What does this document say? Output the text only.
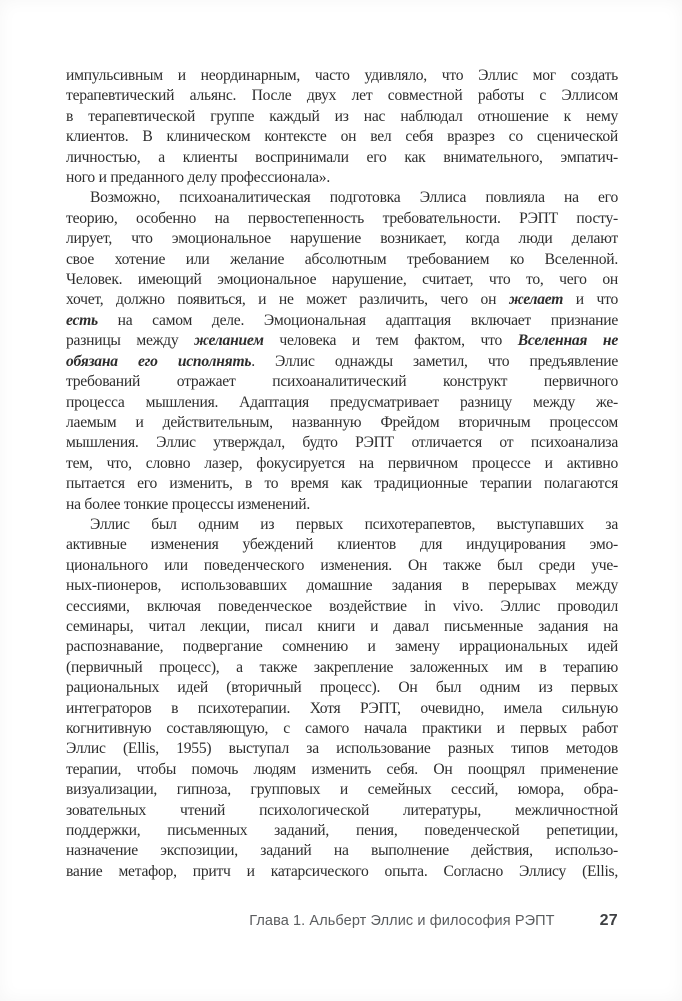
импульсивным и неординарным, часто удивляло, что Эллис мог создать
терапевтический альянс. После двух лет совместной работы с Эллисом
в терапевтической группе каждый из нас наблюдал отношение к нему
клиентов. В клиническом контексте он вел себя вразрез со сценической
личностью, а клиенты воспринимали его как внимательного, эмпатич-
ного и преданного делу профессионала».
Возможно, психоаналитическая подготовка Эллиса повлияла на его
теорию, особенно на первостепенность требовательности. РЭПТ посту-
лирует, что эмоциональное нарушение возникает, когда люди делают
свое хотение или желание абсолютным требованием ко Вселенной.
Человек. имеющий эмоциональное нарушение, считает, что то, чего он
хочет, должно появиться, и не может различить, чего он желает и что
есть на самом деле. Эмоциональная адаптация включает признание
разницы между желанием человека и тем фактом, что Вселенная не
обязана его исполнять. Эллис однажды заметил, что предъявление
требований отражает психоаналитический конструкт первичного
процесса мышления. Адаптация предусматривает разницу между же-
лаемым и действительным, названную Фрейдом вторичным процессом
мышления. Эллис утверждал, будто РЭПТ отличается от психоанализа
тем, что, словно лазер, фокусируется на первичном процессе и активно
пытается его изменить, в то время как традиционные терапии полагаются
на более тонкие процессы изменений.
Эллис был одним из первых психотерапевтов, выступавших за
активные изменения убеждений клиентов для индуцирования эмо-
ционального или поведенческого изменения. Он также был среди уче-
ных-пионеров, использовавших домашние задания в перерывах между
сессиями, включая поведенческое воздействие in vivo. Эллис проводил
семинары, читал лекции, писал книги и давал письменные задания на
распознавание, подвергание сомнению и замену иррациональных идей
(первичный процесс), а также закрепление заложенных им в терапию
рациональных идей (вторичный процесс). Он был одним из первых
интеграторов в психотерапии. Хотя РЭПТ, очевидно, имела сильную
когнитивную составляющую, с самого начала практики и первых работ
Эллис (Ellis, 1955) выступал за использование разных типов методов
терапии, чтобы помочь людям изменить себя. Он поощрял применение
визуализации, гипноза, групповых и семейных сессий, юмора, обра-
зовательных чтений психологической литературы, межличностной
поддержки, письменных заданий, пения, поведенческой репетиции,
назначение экспозиции, заданий на выполнение действия, использо-
вание метафор, притч и катарсического опыта. Согласно Эллису (Ellis,
Глава 1. Альберт Эллис и философия РЭПТ	27
